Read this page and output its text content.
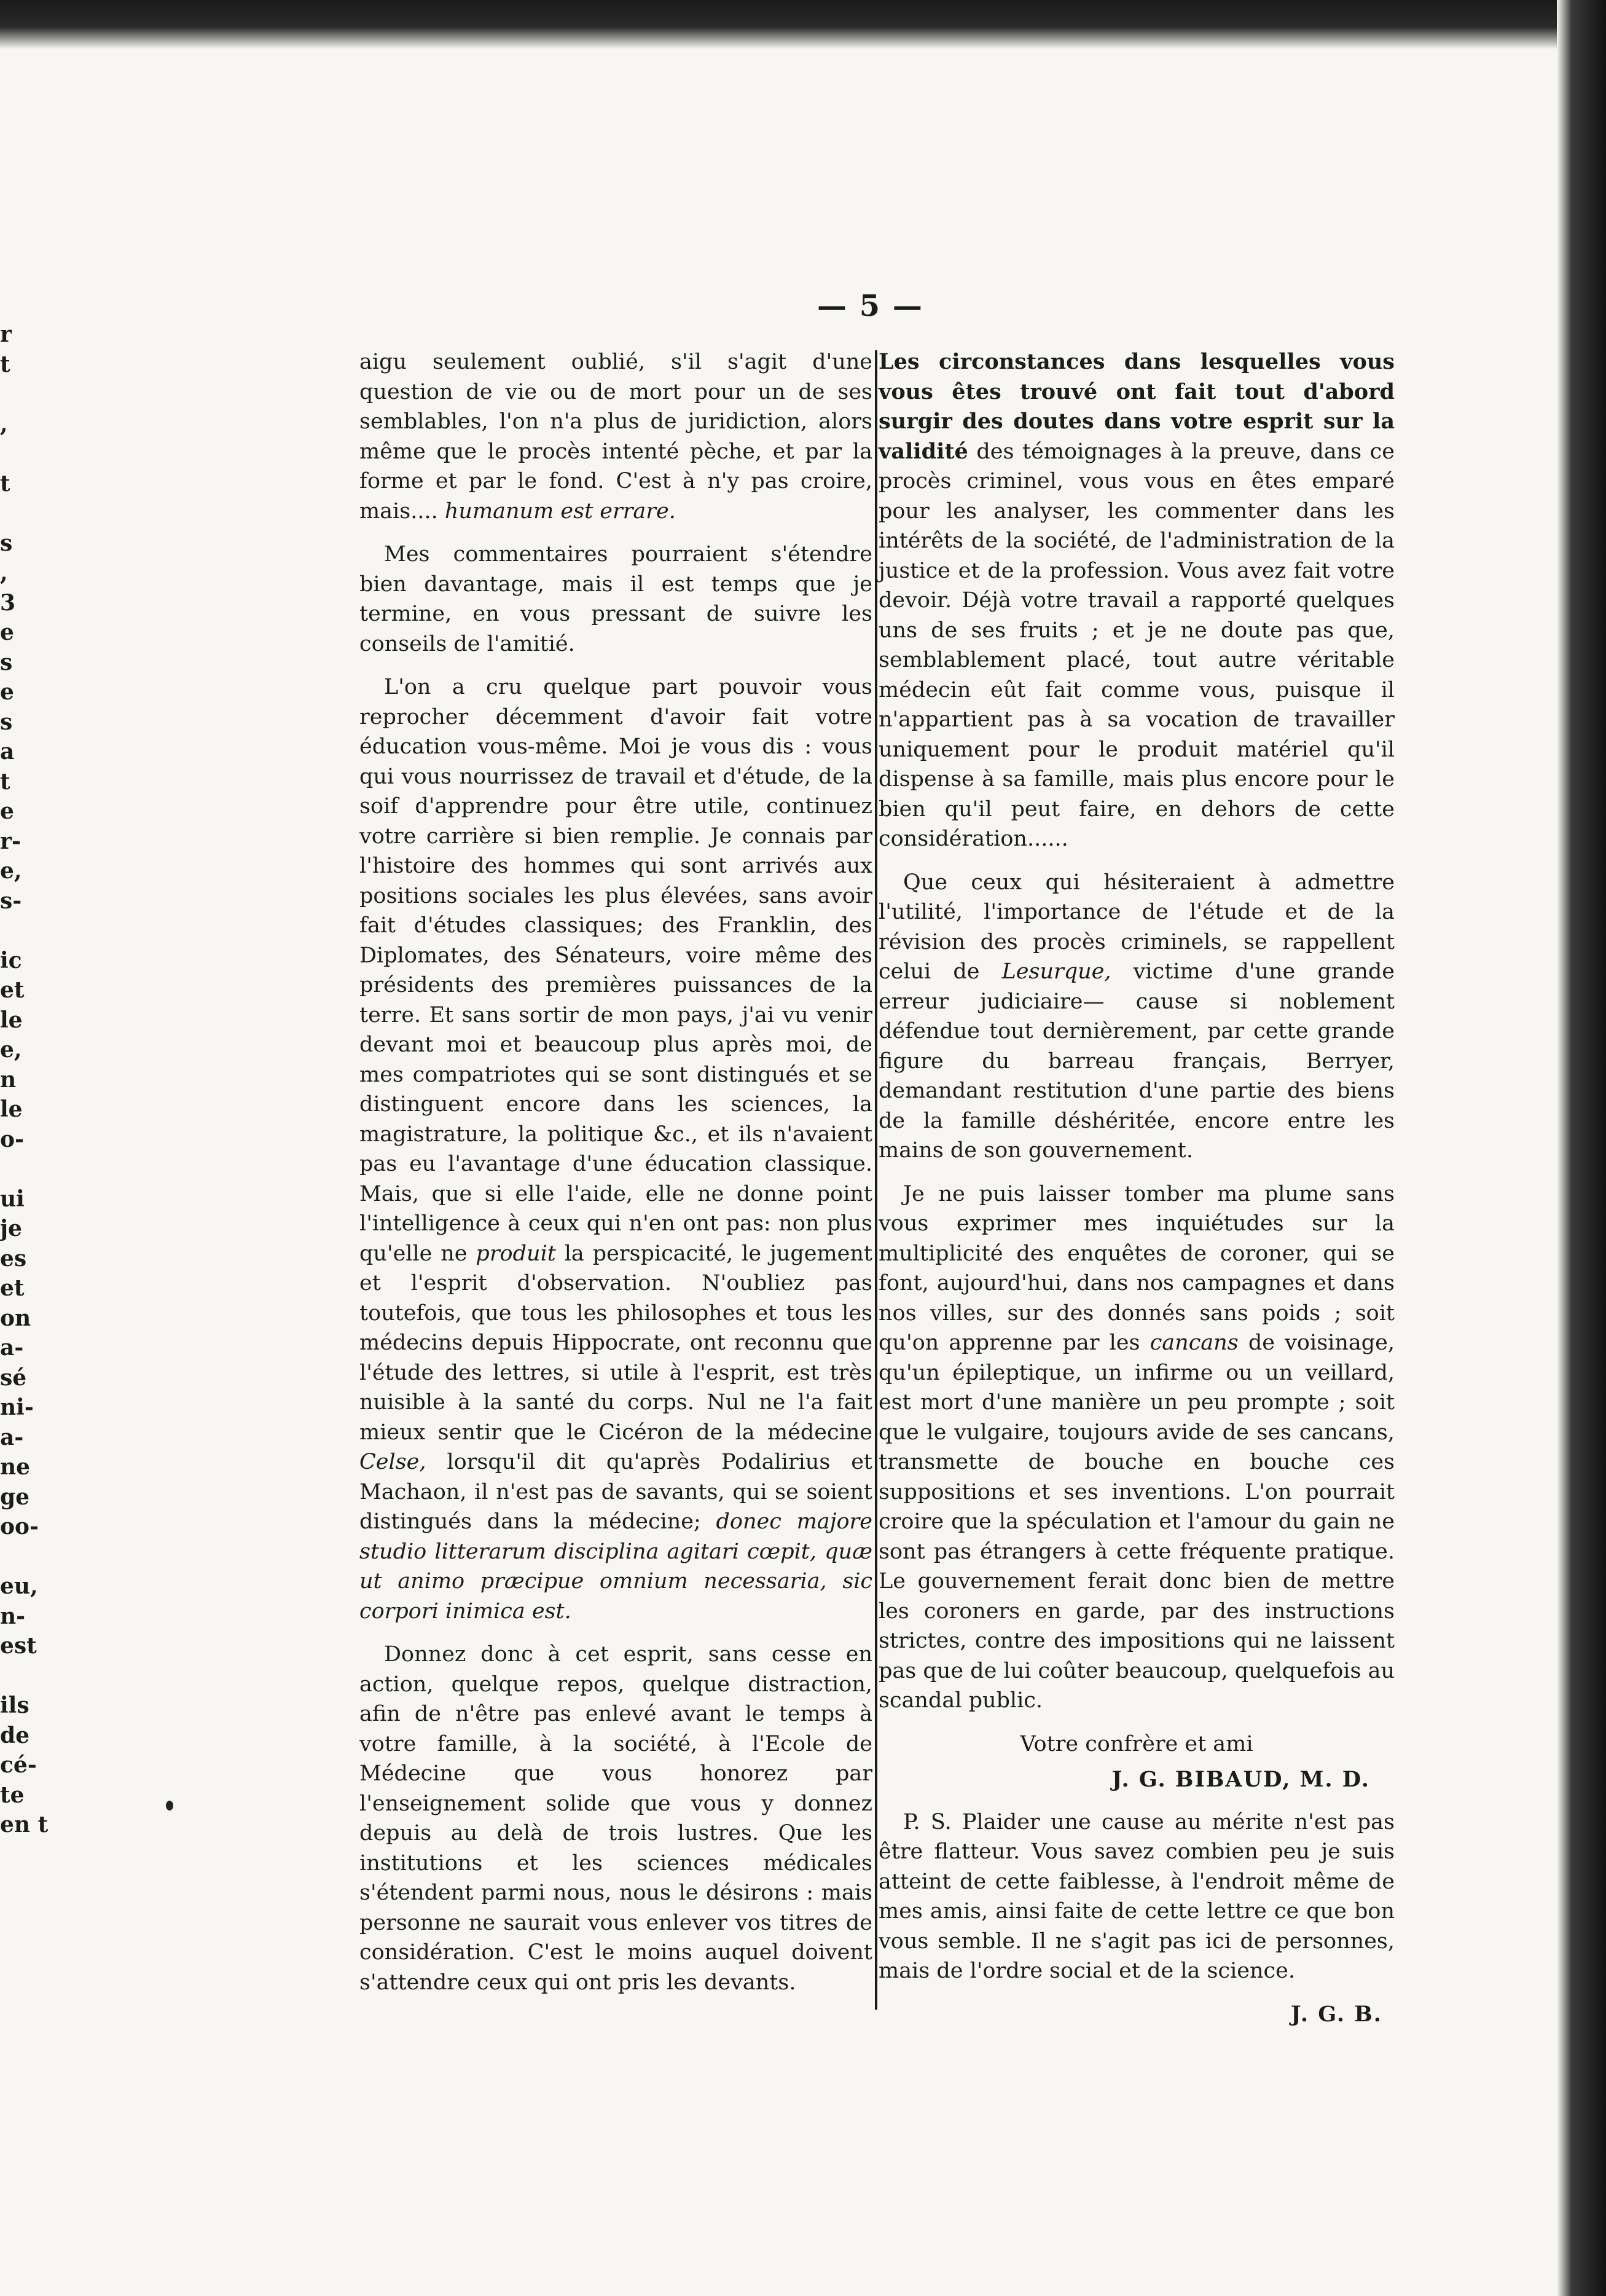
r
t

,

t

s
,
3
e
s
e
s
a
t
e
r-
e,
s-

ic
et
le
e,
n
le
o-

ui
je
es
et
on
a-
sé
ni-
a-
ne
ge
oo-

eu,
n-
est

ils
de
cé-
te
en t
— 5 —

aigu seulement oublié, s'il s'agit d'une question de vie ou de mort pour un de ses semblables, l'on n'a plus de juridiction, alors même que le procès intenté pèche, et par la forme et par le fond. C'est à n'y pas croire, mais.... humanum est errare.

Mes commentaires pourraient s'étendre bien davantage, mais il est temps que je termine, en vous pressant de suivre les conseils de l'amitié.

L'on a cru quelque part pouvoir vous reprocher décemment d'avoir fait votre éducation vous-même. Moi je vous dis : vous qui vous nourrissez de travail et d'étude, de la soif d'apprendre pour être utile, continuez votre carrière si bien remplie. Je connais par l'histoire des hommes qui sont arrivés aux positions sociales les plus élevées, sans avoir fait d'études classiques; des Franklin, des Diplomates, des Sénateurs, voire même des présidents des premières puissances de la terre. Et sans sortir de mon pays, j'ai vu venir devant moi et beaucoup plus après moi, de mes compatriotes qui se sont distingués et se distinguent encore dans les sciences, la magistrature, la politique &c., et ils n'avaient pas eu l'avantage d'une éducation classique. Mais, que si elle l'aide, elle ne donne point l'intelligence à ceux qui n'en ont pas: non plus qu'elle ne produit la perspicacité, le jugement et l'esprit d'observation. N'oubliez pas toutefois, que tous les philosophes et tous les médecins depuis Hippocrate, ont reconnu que l'étude des lettres, si utile à l'esprit, est très nuisible à la santé du corps. Nul ne l'a fait mieux sentir que le Cicéron de la médecine Celse, lorsqu'il dit qu'après Podalirius et Machaon, il n'est pas de savants, qui se soient distingués dans la médecine; donec majore studio litterarum disciplina agitari cœpit, quæ ut animo præcipue omnium necessaria, sic corpori inimica est.

Donnez donc à cet esprit, sans cesse en action, quelque repos, quelque distraction, afin de n'être pas enlevé avant le temps à votre famille, à la société, à l'Ecole de Médecine que vous honorez par l'enseignement solide que vous y donnez depuis au delà de trois lustres. Que les institutions et les sciences médicales s'étendent parmi nous, nous le désirons : mais personne ne saurait vous enlever vos titres de considération. C'est le moins auquel doivent s'attendre ceux qui ont pris les devants.

Les circonstances dans lesquelles vous vous êtes trouvé ont fait tout d'abord surgir des doutes dans votre esprit sur la validité des témoignages à la preuve, dans ce procès criminel, vous vous en êtes emparé pour les analyser, les commenter dans les intérêts de la société, de l'administration de la justice et de la profession. Vous avez fait votre devoir. Déjà votre travail a rapporté quelques uns de ses fruits ; et je ne doute pas que, semblablement placé, tout autre véritable médecin eût fait comme vous, puisque il n'appartient pas à sa vocation de travailler uniquement pour le produit matériel qu'il dispense à sa famille, mais plus encore pour le bien qu'il peut faire, en dehors de cette considération......

Que ceux qui hésiteraient à admettre l'utilité, l'importance de l'étude et de la révision des procès criminels, se rappellent celui de Lesurque, victime d'une grande erreur judiciaire— cause si noblement défendue tout dernièrement, par cette grande figure du barreau français, Berryer, demandant restitution d'une partie des biens de la famille déshéritée, encore entre les mains de son gouvernement.

Je ne puis laisser tomber ma plume sans vous exprimer mes inquiétudes sur la multiplicité des enquêtes de coroner, qui se font, aujourd'hui, dans nos campagnes et dans nos villes, sur des donnés sans poids ; soit qu'on apprenne par les cancans de voisinage, qu'un épileptique, un infirme ou un veillard, est mort d'une manière un peu prompte ; soit que le vulgaire, toujours avide de ses cancans, transmette de bouche en bouche ces suppositions et ses inventions. L'on pourrait croire que la spéculation et l'amour du gain ne sont pas étrangers à cette fréquente pratique. Le gouvernement ferait donc bien de mettre les coroners en garde, par des instructions strictes, contre des impositions qui ne laissent pas que de lui coûter beaucoup, quelquefois au scandal public.

Votre confrère et ami

J. G. BIBAUD, M. D.

P. S. Plaider une cause au mérite n'est pas être flatteur. Vous savez combien peu je suis atteint de cette faiblesse, à l'endroit même de mes amis, ainsi faite de cette lettre ce que bon vous semble. Il ne s'agit pas ici de personnes, mais de l'ordre social et de la science.

J. G. B.
